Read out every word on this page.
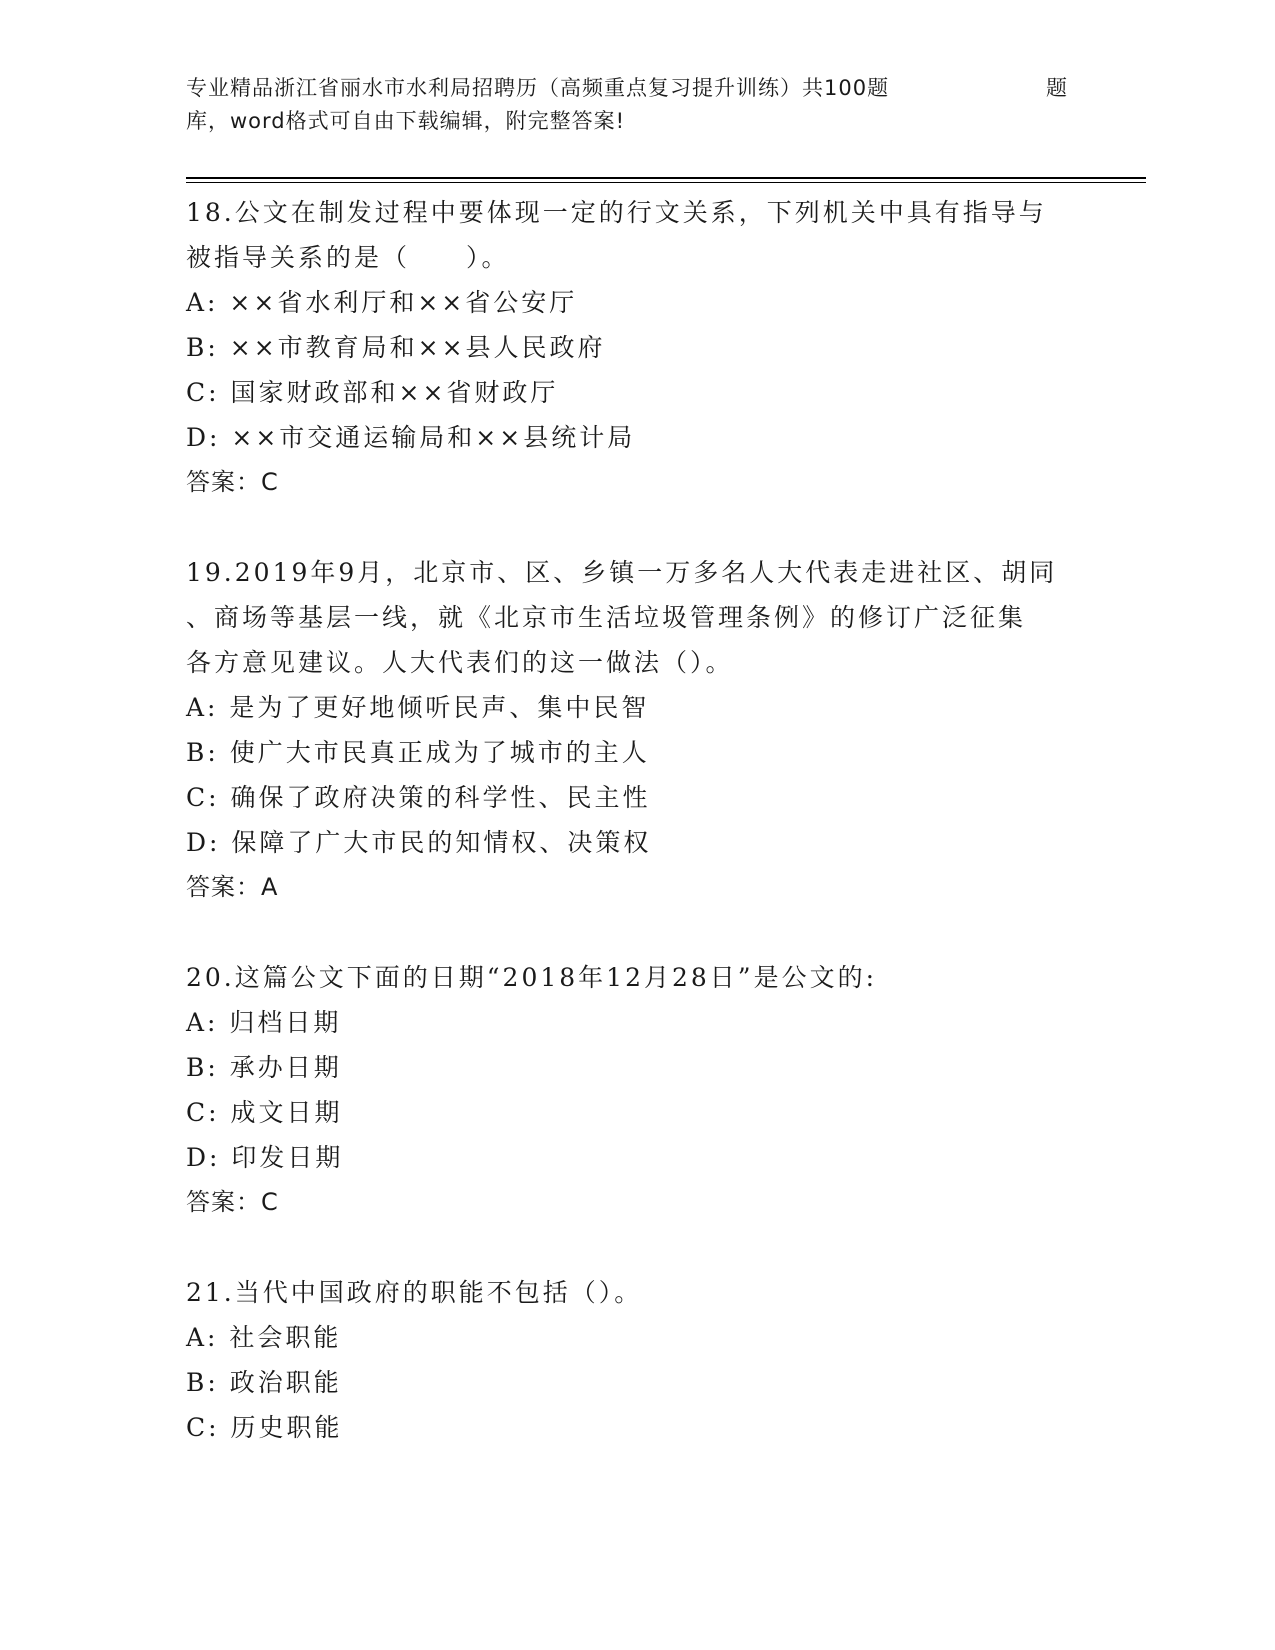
专业精品浙江省丽水市水利局招聘历（高频重点复习提升训练）共100题	题
库，word格式可自由下载编辑，附完整答案!

18.公文在制发过程中要体现一定的行文关系，下列机关中具有指导与

被指导关系的是（　　）。

A: ××省水利厅和××省公安厅
B: ××市教育局和××县人民政府
C: 国家财政部和××省财政厅
D: ××市交通运输局和××县统计局
答案：C

19.2019年9月，北京市、区、乡镇一万多名人大代表走进社区、胡同

、商场等基层一线，就《北京市生活垃圾管理条例》的修订广泛征集

各方意见建议。人大代表们的这一做法（）。

A: 是为了更好地倾听民声、集中民智
B: 使广大市民真正成为了城市的主人
C: 确保了政府决策的科学性、民主性
D: 保障了广大市民的知情权、决策权
答案：A

20.这篇公文下面的日期“2018年12月28日”是公文的:

A: 归档日期
B: 承办日期
C: 成文日期
D: 印发日期
答案：C

21.当代中国政府的职能不包括（）。

A: 社会职能
B: 政治职能
C: 历史职能
